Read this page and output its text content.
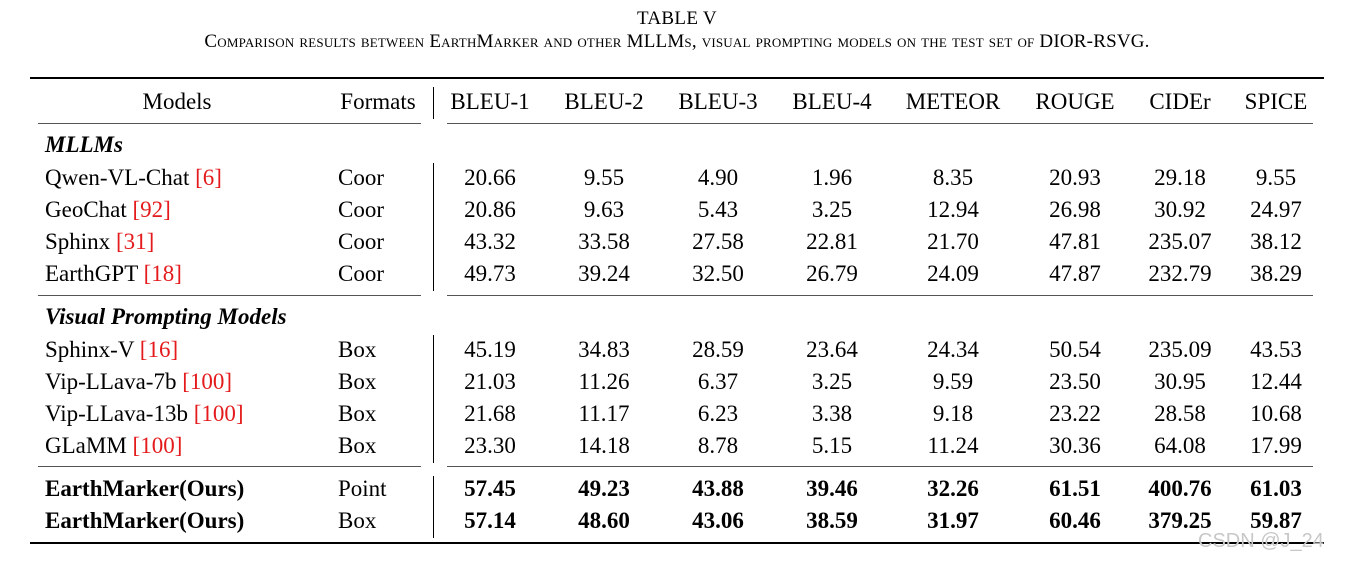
TABLE V
Comparison results between EarthMarker and other MLLMs, visual prompting models on the test set of DIOR-RSVG.
Models	Formats BLEU-1 BLEU-2 BLEU-3 BLEU-4 METEOR ROUGE CIDEr SPICE
MLLMs
Qwen-VL-Chat [6]	Coor	20.66	9.55	4.90	1.96	8.35	20.93 29.18 9.55
GeoChat [92]	Coor	20.86	9.63	5.43	3.25	12.94	26.98 30.92 24.97
Sphinx [31]	Coor	43.32	33.58	27.58	22.81	21.70	47.81 235.07 38.12
EarthGPT [18]	Coor	49.73	39.24	32.50	26.79	24.09	47.87 232.79 38.29
Visual Prompting Models
Sphinx-V [16]	Box	45.19	34.83	28.59	23.64	24.34	50.54 235.09 43.53
Vip-LLava-7b [100]	Box	21.03	11.26	6.37	3.25	9.59	23.50 30.95 12.44
Vip-LLava-13b [100]	Box	21.68	11.17	6.23	3.38	9.18	23.22 28.58 10.68
GLaMM [100]	Box	23.30	14.18	8.78	5.15	11.24	30.36 64.08 17.99
EarthMarker(Ours)	Point	57.45	49.23	43.88	39.46	32.26	61.51 400.76 61.03
EarthMarker(Ours)	Box	57.14	48.60	43.06	38.59	31.97	60.46 379.25 59.87
CSDN @J_24
